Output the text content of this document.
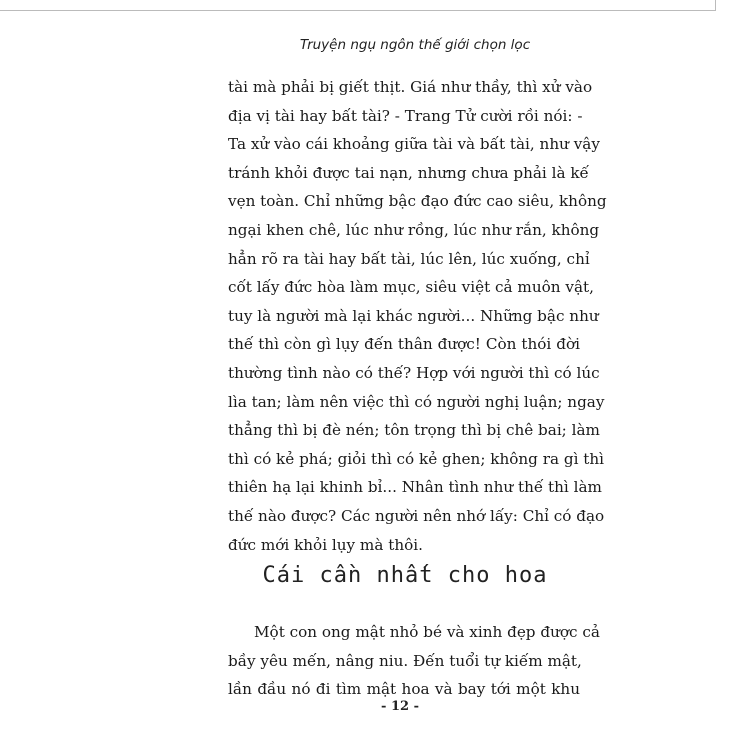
Truyện ngụ ngôn thế giới chọn lọc
tài mà phải bị giết thịt. Giá như thầy, thì xử vào
địa vị tài hay bất tài? - Trang Tử cười rồi nói: -
Ta xử vào cái khoảng giữa tài và bất tài, như vậy
tránh khỏi được tai nạn, nhưng chưa phải là kế
vẹn toàn. Chỉ những bậc đạo đức cao siêu, không
ngại khen chê, lúc như rồng, lúc như rắn, không
hẳn rõ ra tài hay bất tài, lúc lên, lúc xuống, chỉ
cốt lấy đức hòa làm mục, siêu việt cả muôn vật,
tuy là người mà lại khác người... Những bậc như
thế thì còn gì lụy đến thân được! Còn thói đời
thường tình nào có thế? Hợp với người thì có lúc
lìa tan; làm nên việc thì có người nghị luận; ngay
thẳng thì bị đè nén; tôn trọng thì bị chê bai; làm
thì có kẻ phá; giỏi thì có kẻ ghen; không ra gì thì
thiên hạ lại khinh bỉ... Nhân tình như thế thì làm
thế nào được? Các người nên nhớ lấy: Chỉ có đạo
đức mới khỏi lụy mà thôi.
Cái cần nhất cho hoa
Một con ong mật nhỏ bé và xinh đẹp được cả
bầy yêu mến, nâng niu. Đến tuổi tự kiếm mật,
lần đầu nó đi tìm mật hoa và bay tới một khu
- 12 -
